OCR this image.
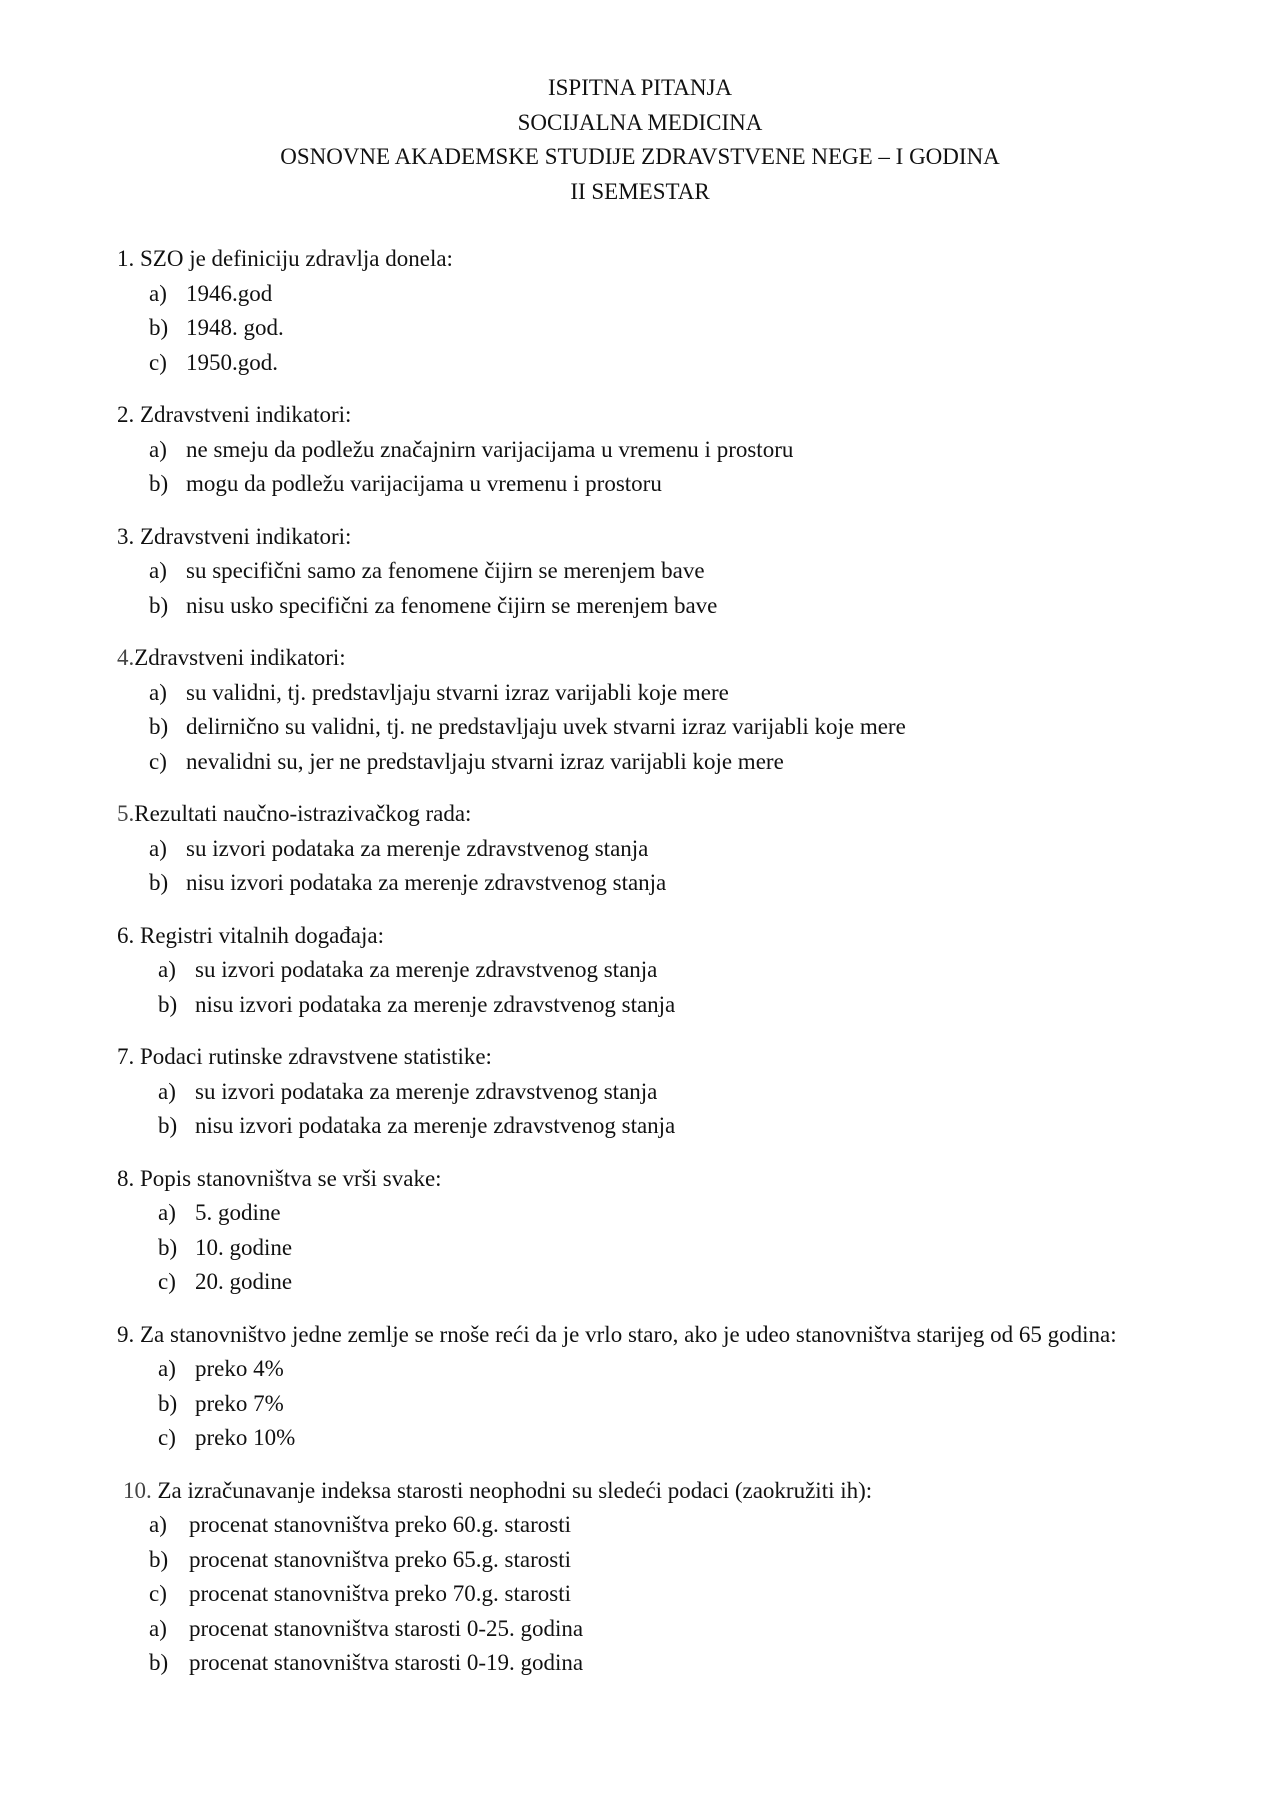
ISPITNA PITANJA
SOCIJALNA MEDICINA
OSNOVNE AKADEMSKE STUDIJE ZDRAVSTVENE NEGE – I GODINA
II SEMESTAR
1. SZO je definiciju zdravlja donela:
a) 1946.god
b) 1948. god.
c) 1950.god.
2. Zdravstveni indikatori:
a) ne smeju da podležu značajnirn varijacijama u vremenu i prostoru
b) mogu da podležu varijacijama u vremenu i prostoru
3. Zdravstveni indikatori:
a) su specifični samo za fenomene čijirn se merenjem bave
b) nisu usko specifični za fenomene čijirn se merenjem bave
4.Zdravstveni indikatori:
a) su validni, tj. predstavljaju stvarni izraz varijabli koje mere
b) delirnično su validni, tj. ne predstavljaju uvek stvarni izraz varijabli koje mere
c) nevalidni su, jer ne predstavljaju stvarni izraz varijabli koje mere
5.Rezultati naučno-istrazivačkog rada:
a) su izvori podataka za merenje zdravstvenog stanja
b) nisu izvori podataka za merenje zdravstvenog stanja
6. Registri vitalnih događaja:
a) su izvori podataka za merenje zdravstvenog stanja
b) nisu izvori podataka za merenje zdravstvenog stanja
7. Podaci rutinske zdravstvene statistike:
a) su izvori podataka za merenje zdravstvenog stanja
b) nisu izvori podataka za merenje zdravstvenog stanja
8. Popis stanovništva se vrši svake:
a) 5. godine
b) 10. godine
c) 20. godine
9. Za stanovništvo jedne zemlje se rnoše reći da je vrlo staro, ako je udeo stanovništva starijeg od 65 godina:
a) preko 4%
b) preko 7%
c) preko 10%
10. Za izračunavanje indeksa starosti neophodni su sledeći podaci (zaokružiti ih):
a) procenat stanovništva preko 60.g. starosti
b) procenat stanovništva preko 65.g. starosti
c) procenat stanovništva preko 70.g. starosti
a) procenat stanovništva starosti 0-25. godina
b) procenat stanovništva starosti 0-19. godina
